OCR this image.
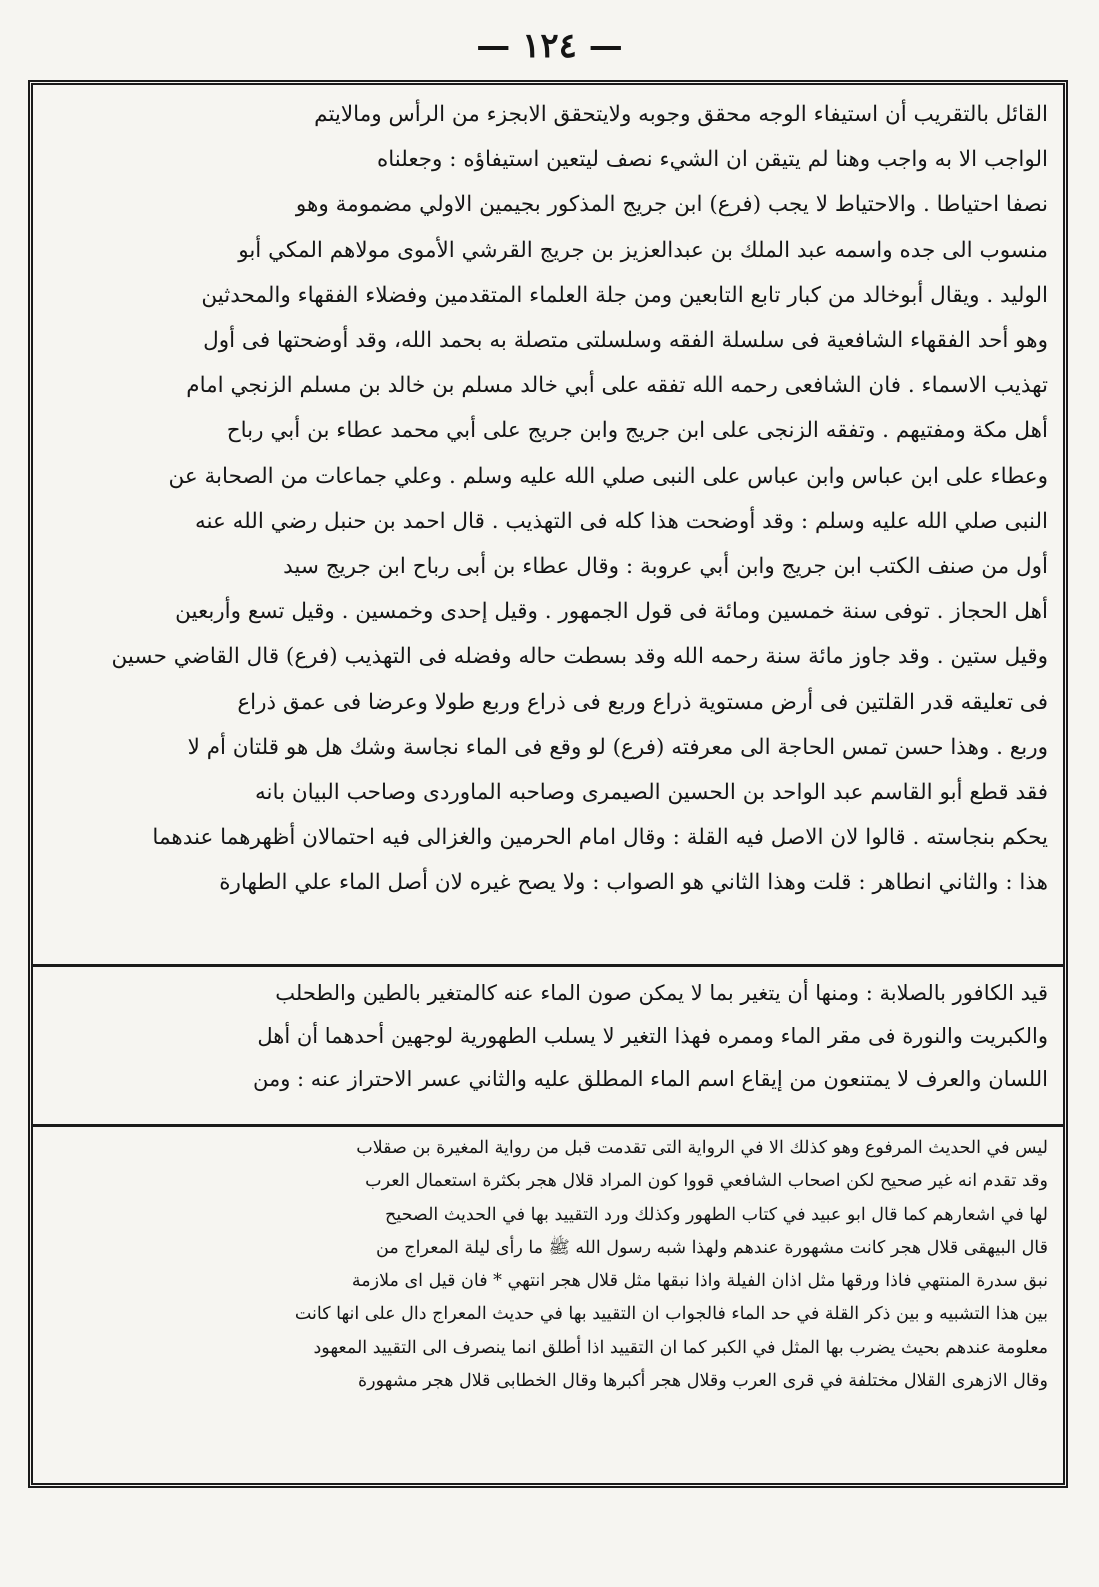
— ١٢٤ —

القائل بالتقريب أن استيفاء الوجه محقق وجوبه ولايتحقق الابجزء من الرأس ومالايتم

الواجب الا به واجب وهنا لم يتيقن ان الشيء نصف ليتعين استيفاؤه : وجعلناه

نصفا احتياطا . والاحتياط لا يجب (فرع) ابن جريج المذكور بجيمين الاولي مضمومة وهو

منسوب الى جده واسمه عبد الملك بن عبدالعزيز بن جريج القرشي الأموى مولاهم المكي أبو

الوليد . ويقال أبوخالد من كبار تابع التابعين ومن جلة العلماء المتقدمين وفضلاء الفقهاء والمحدثين

وهو أحد الفقهاء الشافعية فى سلسلة الفقه وسلسلتى متصلة به بحمد الله، وقد أوضحتها فى أول

تهذيب الاسماء . فان الشافعى رحمه الله تفقه على أبي خالد مسلم بن خالد بن مسلم الزنجي امام

أهل مكة ومفتيهم . وتفقه الزنجى على ابن جريج وابن جريج على أبي محمد عطاء بن أبي رباح

وعطاء على ابن عباس وابن عباس على النبى صلي الله عليه وسلم . وعلي جماعات من الصحابة عن

النبى صلي الله عليه وسلم : وقد أوضحت هذا كله فى التهذيب . قال احمد بن حنبل رضي الله عنه

أول من صنف الكتب ابن جريج وابن أبي عروبة : وقال عطاء بن أبى رباح ابن جريج سيد

أهل الحجاز . توفى سنة خمسين ومائة فى قول الجمهور . وقيل إحدى وخمسين . وقيل تسع وأربعين

وقيل ستين . وقد جاوز مائة سنة رحمه الله وقد بسطت حاله وفضله فى التهذيب (فرع) قال القاضي حسين

فى تعليقه قدر القلتين فى أرض مستوية ذراع وربع فى ذراع وربع طولا وعرضا فى عمق ذراع

وربع . وهذا حسن تمس الحاجة الى معرفته (فرع) لو وقع فى الماء نجاسة وشك هل هو قلتان أم لا

فقد قطع أبو القاسم عبد الواحد بن الحسين الصيمرى وصاحبه الماوردى وصاحب البيان بانه

يحكم بنجاسته . قالوا لان الاصل فيه القلة : وقال امام الحرمين والغزالى فيه احتمالان أظهرهما عندهما

هذا : والثاني انطاهر : قلت وهذا الثاني هو الصواب : ولا يصح غيره لان أصل الماء علي الطهارة

قيد الكافور بالصلابة : ومنها أن يتغير بما لا يمكن صون الماء عنه كالمتغير بالطين والطحلب

والكبريت والنورة فى مقر الماء وممره فهذا التغير لا يسلب الطهورية لوجهين أحدهما أن أهل

اللسان والعرف لا يمتنعون من إيقاع اسم الماء المطلق عليه والثاني عسر الاحتراز عنه : ومن

ليس في الحديث المرفوع وهو كذلك الا في الرواية التى تقدمت قبل من رواية المغيرة بن صقلاب

وقد تقدم انه غير صحيح لكن اصحاب الشافعي قووا كون المراد قلال هجر بكثرة استعمال العرب

لها في اشعارهم كما قال ابو عبيد في كتاب الطهور وكذلك ورد التقييد بها في الحديث الصحيح

قال البيهقى قلال هجر كانت مشهورة عندهم ولهذا شبه رسول الله ﷺ ما رأى ليلة المعراج من

نبق سدرة المنتهي فاذا ورقها مثل اذان الفيلة واذا نبقها مثل قلال هجر انتهي * فان قيل اى ملازمة

بين هذا التشبيه و بين ذكر القلة في حد الماء فالجواب ان التقييد بها في حديث المعراج دال على انها كانت

معلومة عندهم بحيث يضرب بها المثل في الكبر كما ان التقييد اذا أطلق انما ينصرف الى التقييد المعهود

وقال الازهرى القلال مختلفة في قرى العرب وقلال هجر أكبرها وقال الخطابى قلال هجر مشهورة
